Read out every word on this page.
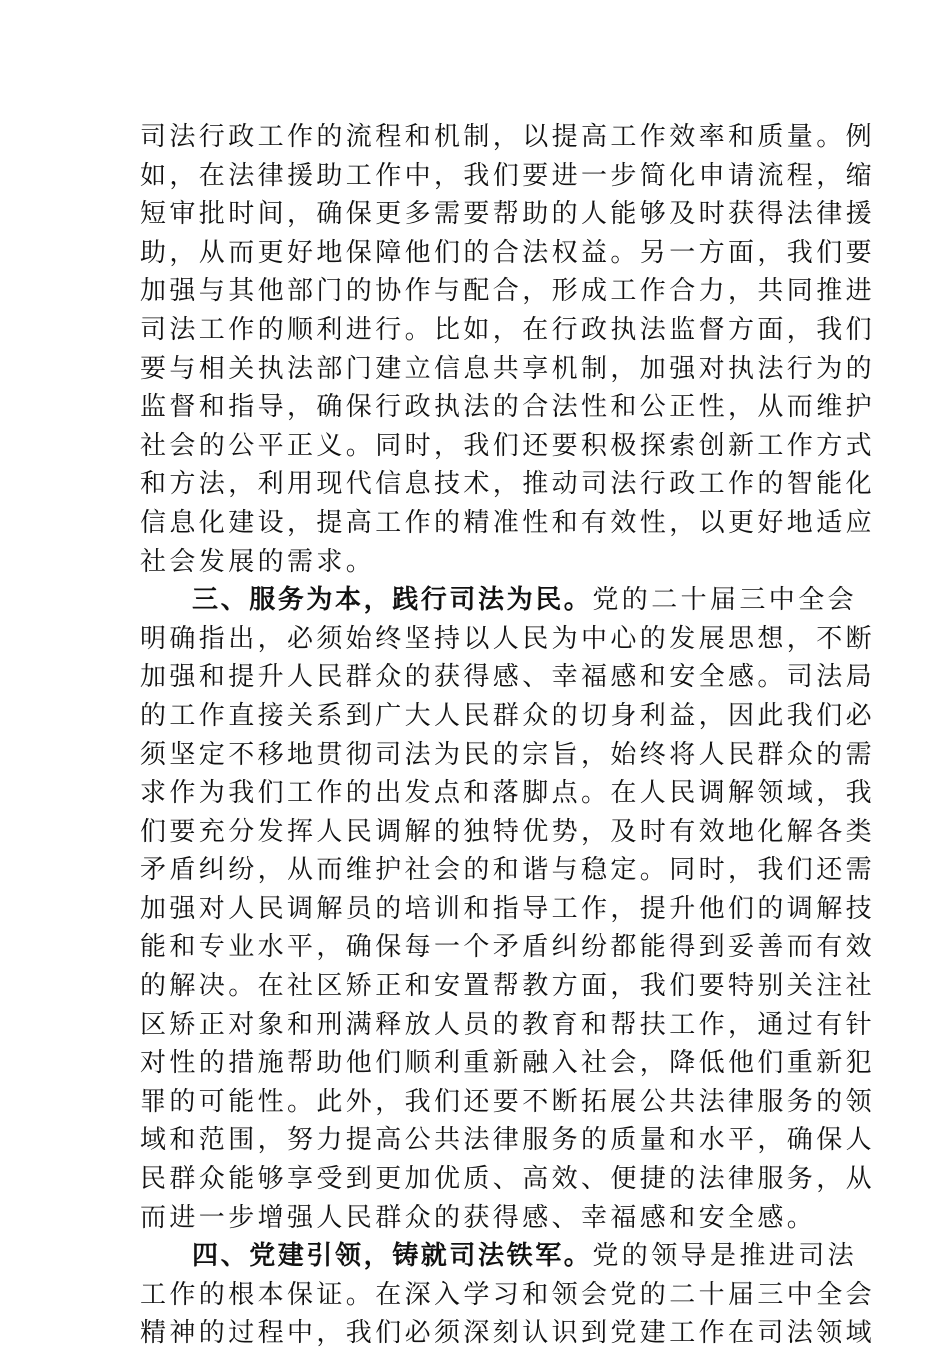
司法行政工作的流程和机制，以提高工作效率和质量。例
如，在法律援助工作中，我们要进一步简化申请流程，缩
短审批时间，确保更多需要帮助的人能够及时获得法律援
助，从而更好地保障他们的合法权益。另一方面，我们要
加强与其他部门的协作与配合，形成工作合力，共同推进
司法工作的顺利进行。比如，在行政执法监督方面，我们
要与相关执法部门建立信息共享机制，加强对执法行为的
监督和指导，确保行政执法的合法性和公正性，从而维护
社会的公平正义。同时，我们还要积极探索创新工作方式
和方法，利用现代信息技术，推动司法行政工作的智能化
信息化建设，提高工作的精准性和有效性，以更好地适应
社会发展的需求。
三、服务为本，践行司法为民。党的二十届三中全会
明确指出，必须始终坚持以人民为中心的发展思想，不断
加强和提升人民群众的获得感、幸福感和安全感。司法局
的工作直接关系到广大人民群众的切身利益，因此我们必
须坚定不移地贯彻司法为民的宗旨，始终将人民群众的需
求作为我们工作的出发点和落脚点。在人民调解领域，我
们要充分发挥人民调解的独特优势，及时有效地化解各类
矛盾纠纷，从而维护社会的和谐与稳定。同时，我们还需
加强对人民调解员的培训和指导工作，提升他们的调解技
能和专业水平，确保每一个矛盾纠纷都能得到妥善而有效
的解决。在社区矫正和安置帮教方面，我们要特别关注社
区矫正对象和刑满释放人员的教育和帮扶工作，通过有针
对性的措施帮助他们顺利重新融入社会，降低他们重新犯
罪的可能性。此外，我们还要不断拓展公共法律服务的领
域和范围，努力提高公共法律服务的质量和水平，确保人
民群众能够享受到更加优质、高效、便捷的法律服务，从
而进一步增强人民群众的获得感、幸福感和安全感。
四、党建引领，铸就司法铁军。党的领导是推进司法
工作的根本保证。在深入学习和领会党的二十届三中全会
精神的过程中，我们必须深刻认识到党建工作在司法领域
